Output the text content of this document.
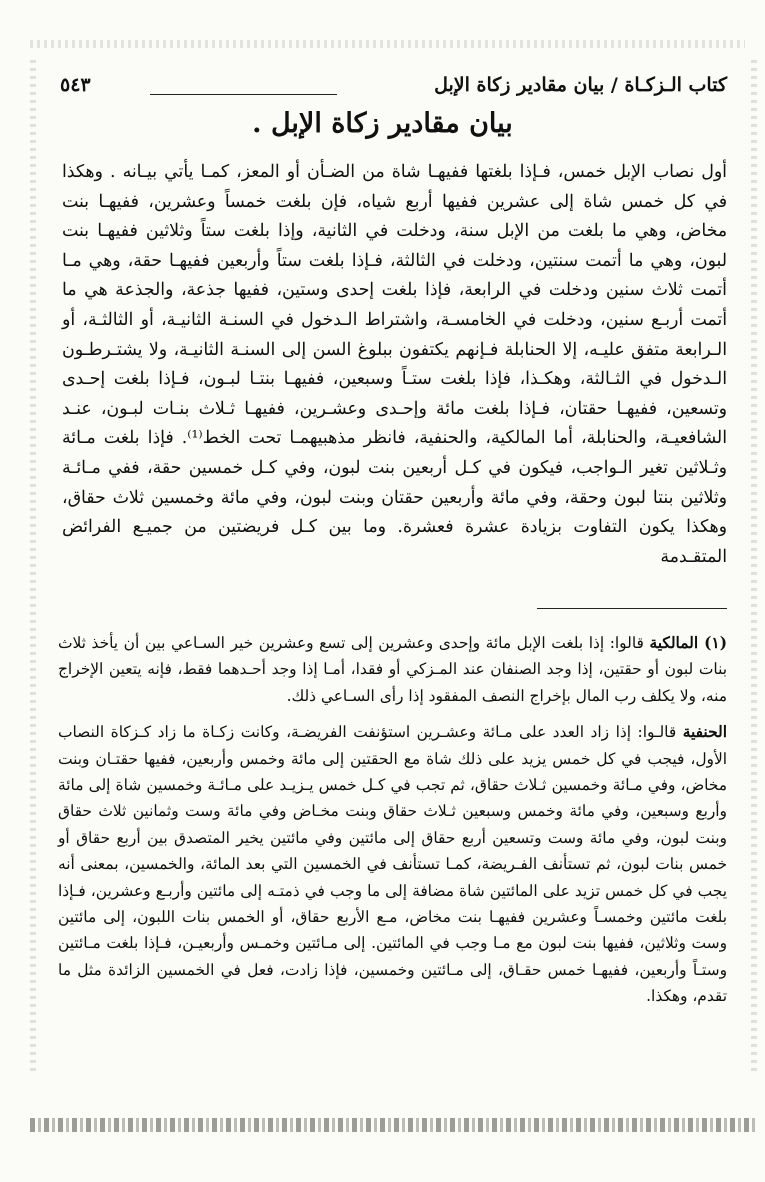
كتاب الـزكـاة / بيان مقادير زكاة الإبل
٥٤٣
بيان مقادير زكاة الإبل .

أول نصاب الإبل خمس، فـإذا بلغتها ففيهـا شاة من الضـأن أو المعز، كمـا يأتي بيـانه . وهكذا في كل خمس شاة إلى عشرين ففيها أربع شياه، فإن بلغت خمساً وعشرين، ففيهـا بنت مخاض، وهي ما بلغت من الإبل سنة، ودخلت في الثانية، وإذا بلغت ستاً وثلاثين ففيهـا بنت لبون، وهي ما أتمت سنتين، ودخلت في الثالثة، فـإذا بلغت ستاً وأربعين ففيهـا حقة، وهي مـا أتمت ثلاث سنين ودخلت في الرابعة، فإذا بلغت إحدى وستين، ففيها جذعة، والجذعة هي ما أتمت أربـع سنين، ودخلت في الخامسـة، واشتراط الـدخول في السنـة الثانيـة، أو الثالثـة، أو الـرابعة متفق عليـه، إلا الحنابلة فـإنهم يكتفون ببلوغ السن إلى السنـة الثانيـة، ولا يشتـرطـون الـدخول في الثـالثة، وهكـذا، فإذا بلغت ستـاً وسبعين، ففيهـا بنتـا لبـون، فـإذا بلغت إحـدى وتسعين، ففيهـا حقتان، فـإذا بلغت مائة وإحـدى وعشـرين، ففيهـا ثـلاث بنـات لبـون، عنـد الشافعيـة، والحنابلة، أما المالكية، والحنفية، فانظر مذهبيهمـا تحت الخط⁽¹⁾. فإذا بلغت مـائة وثـلاثين تغير الـواجب، فيكون في كـل أربعين بنت لبون، وفي كـل خمسين حقة، ففي مـائـة وثلاثين بنتا لبون وحقة، وفي مائة وأربعين حقتان وبنت لبون، وفي مائة وخمسين ثلاث حقاق، وهكذا يكون التفاوت بزيادة عشرة فعشرة. وما بين كـل فريضتين من جميـع الفرائض المتقـدمة

(١) المالكية قالوا: إذا بلغت الإبل مائة وإحدى وعشرين إلى تسع وعشرين خير السـاعي بين أن يأخذ ثلاث بنات لبون أو حقتين، إذا وجد الصنفان عند المـزكي أو فقدا، أمـا إذا وجد أحـدهما فقط، فإنه يتعين الإخراج منه، ولا يكلف رب المال بإخراج النصف المفقود إذا رأى السـاعي ذلك.

الحنفية قالـوا: إذا زاد العدد على مـائة وعشـرين استؤنفت الفريضـة، وكانت زكـاة ما زاد كـزكاة النصاب الأول، فيجب في كل خمس يزيد على ذلك شاة مع الحقتين إلى مائة وخمس وأربعين، ففيها حقتـان وبنت مخاض، وفي مـائة وخمسين ثـلاث حقاق، ثم تجب في كـل خمس يـزيـد على مـائـة وخمسين شاة إلى مائة وأربع وسبعين، وفي مائة وخمس وسبعين ثـلاث حقاق وبنت مخـاض وفي مائة وست وثمانين ثلاث حقاق وبنت لبون، وفي مائة وست وتسعين أربع حقاق إلى مائتين وفي مائتين يخير المتصدق بين أربع حقاق أو خمس بنات لبون، ثم تستأنف الفـريضة، كمـا تستأنف في الخمسين التي بعد المائة، والخمسين، بمعنى أنه يجب في كل خمس تزيد على المائتين شاة مضافة إلى ما وجب في ذمتـه إلى مائتين وأربـع وعشرين، فـإذا بلغت مائتين وخمسـاً وعشرين ففيهـا بنت مخاض، مـع الأربع حقاق، أو الخمس بنات اللبون، إلى مائتين وست وثلاثين، ففيها بنت لبون مع مـا وجب في المائتين. إلى مـائتين وخمـس وأربعيـن، فـإذا بلغت مـائتين وستـاً وأربعين، ففيهـا خمس حقـاق، إلى مـائتين وخمسين، فإذا زادت، فعل في الخمسين الزائدة مثل ما تقدم، وهكذا.
